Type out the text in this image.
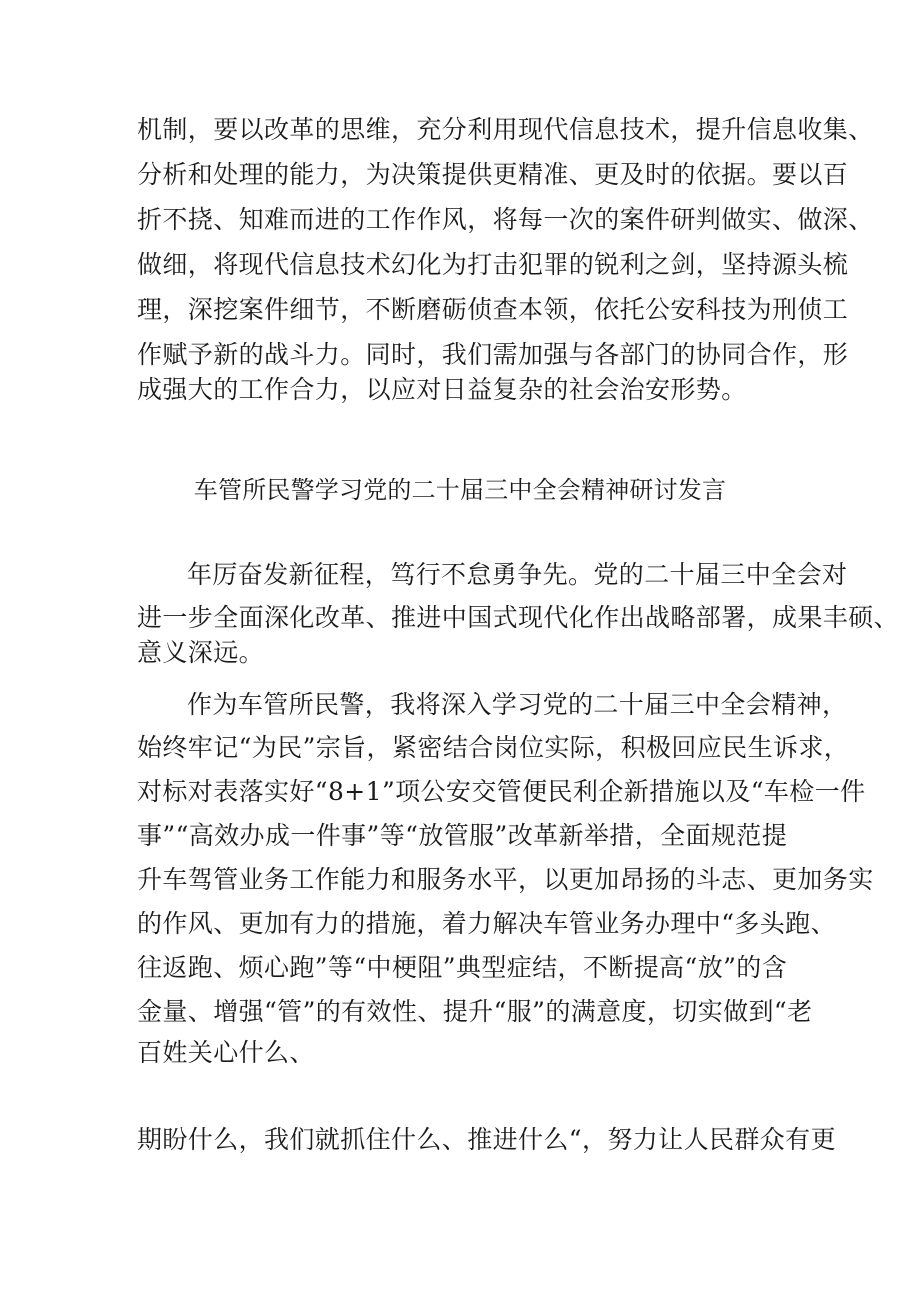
机制，要以改革的思维，充分利用现代信息技术，提升信息收集、
分析和处理的能力，为决策提供更精准、更及时的依据。要以百
折不挠、知难而进的工作作风，将每一次的案件研判做实、做深、
做细，将现代信息技术幻化为打击犯罪的锐利之剑，坚持源头梳
理，深挖案件细节，不断磨砺侦查本领，依托公安科技为刑侦工
作赋予新的战斗力。同时，我们需加强与各部门的协同合作，形
成强大的工作合力，以应对日益复杂的社会治安形势。
车管所民警学习党的二十届三中全会精神研讨发言
年厉奋发新征程，笃行不怠勇争先。党的二十届三中全会对
进一步全面深化改革、推进中国式现代化作出战略部署，成果丰硕、
意义深远。
作为车管所民警，我将深入学习党的二十届三中全会精神，
始终牢记“为民”宗旨，紧密结合岗位实际，积极回应民生诉求，
对标对表落实好“8+1”项公安交管便民利企新措施以及“车检一件
事”“高效办成一件事”等“放管服”改革新举措，全面规范提
升车驾管业务工作能力和服务水平，以更加昂扬的斗志、更加务实
的作风、更加有力的措施，着力解决车管业务办理中“多头跑、
往返跑、烦心跑”等“中梗阻”典型症结，不断提高“放”的含
金量、增强“管”的有效性、提升“服”的满意度，切实做到“老
百姓关心什么、
期盼什么，我们就抓住什么、推进什么“，努力让人民群众有更
